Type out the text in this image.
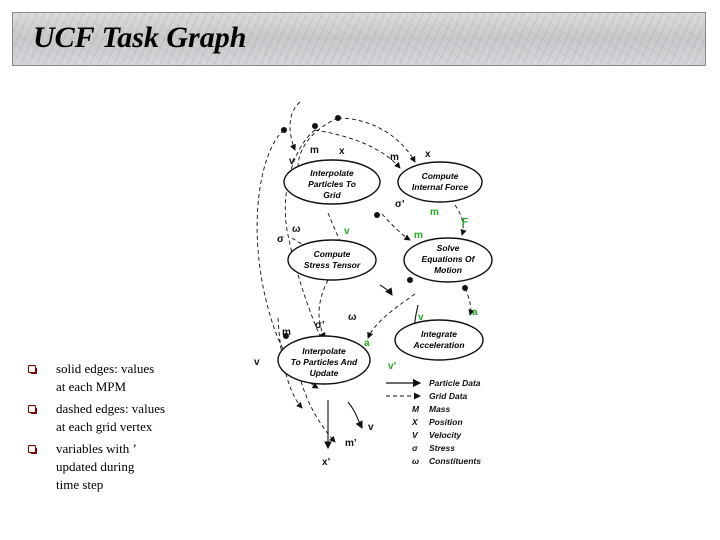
UCF Task Graph
solid edges: values
at each MPM
dashed edges: values
at each grid vertex
variables with ’
updated during
time step
Interpolate
Particles To
Grid
Compute
Internal Force
Compute
Stress Tensor
Solve
Equations Of
Motion
Interpolate
To Particles And
Update
Integrate
Acceleration
v
m x
m	x
σ’
ω
σ
σ’
ω
m
v
v
m’
x’
m
F
v	m
v	a
a
v’
Particle Data
Grid Data
M Mass
X Position
V Velocity
σ Stress
ω Constituents
